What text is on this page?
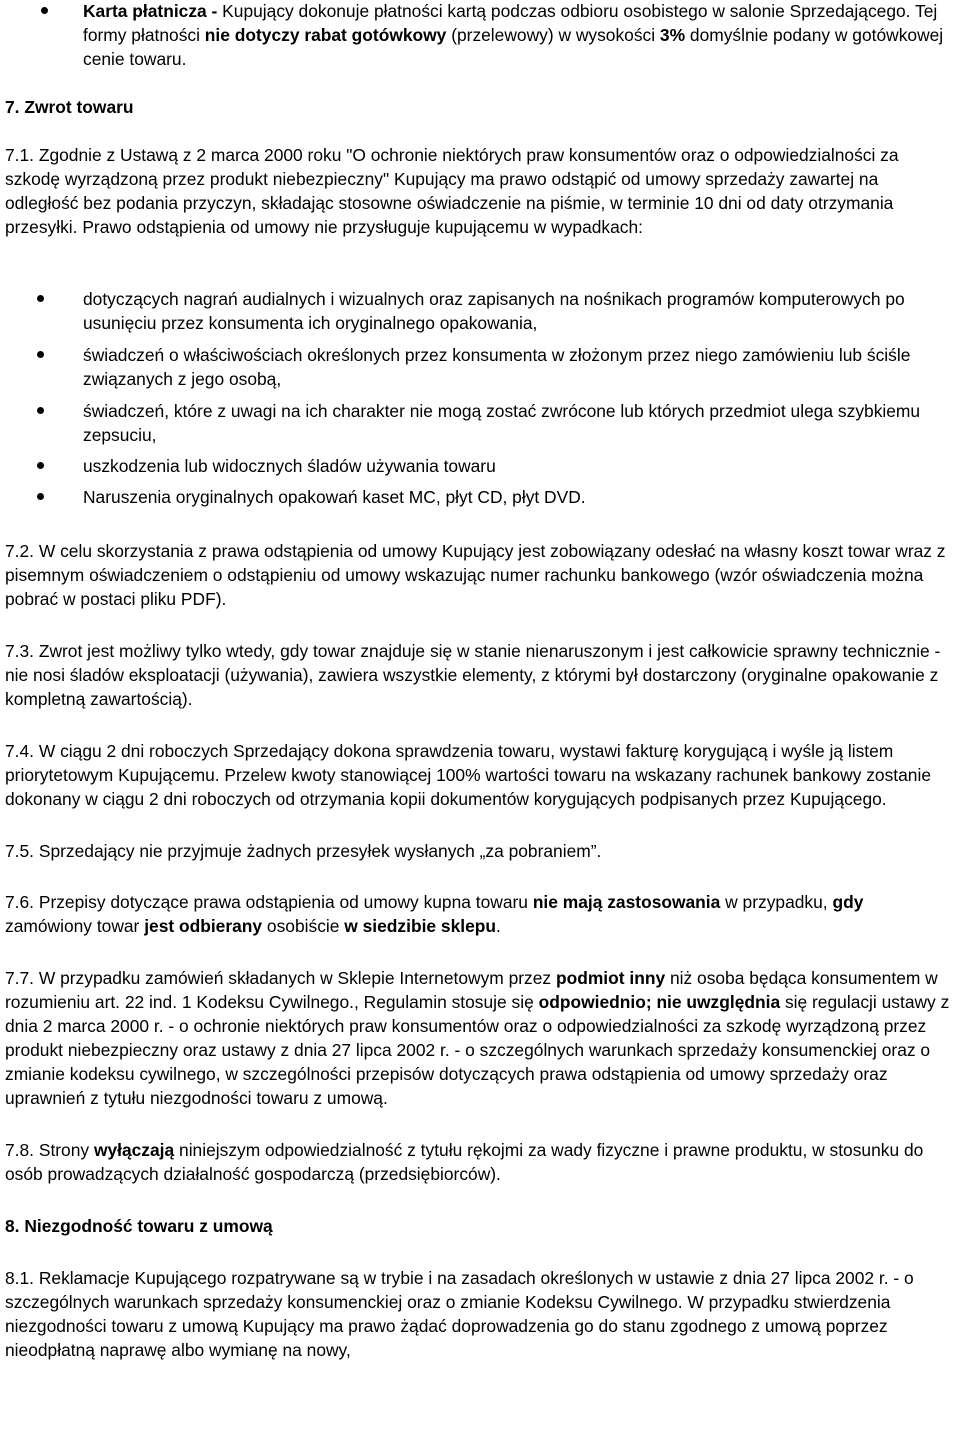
Karta płatnicza - Kupujący dokonuje płatności kartą podczas odbioru osobistego w salonie Sprzedającego. Tej formy płatności nie dotyczy rabat gotówkowy (przelewowy) w wysokości 3% domyślnie podany w gotówkowej cenie towaru.

7. Zwrot towaru

7.1. Zgodnie z Ustawą z 2 marca 2000 roku "O ochronie niektórych praw konsumentów oraz o odpowiedzialności za szkodę wyrządzoną przez produkt niebezpieczny" Kupujący ma prawo odstąpić od umowy sprzedaży zawartej na odległość bez podania przyczyn, składając stosowne oświadczenie na piśmie, w terminie 10 dni od daty otrzymania przesyłki. Prawo odstąpienia od umowy nie przysługuje kupującemu w wypadkach:

dotyczących nagrań audialnych i wizualnych oraz zapisanych na nośnikach programów komputerowych po usunięciu przez konsumenta ich oryginalnego opakowania,
świadczeń o właściwościach określonych przez konsumenta w złożonym przez niego zamówieniu lub ściśle związanych z jego osobą,
świadczeń, które z uwagi na ich charakter nie mogą zostać zwrócone lub których przedmiot ulega szybkiemu zepsuciu,
uszkodzenia lub widocznych śladów używania towaru
Naruszenia oryginalnych opakowań kaset MC, płyt CD, płyt DVD.

7.2. W celu skorzystania z prawa odstąpienia od umowy Kupujący jest zobowiązany odesłać na własny koszt towar wraz z pisemnym oświadczeniem o odstąpieniu od umowy wskazując numer rachunku bankowego (wzór oświadczenia można pobrać w postaci pliku PDF).

7.3. Zwrot jest możliwy tylko wtedy, gdy towar znajduje się w stanie nienaruszonym i jest całkowicie sprawny technicznie - nie nosi śladów eksploatacji (używania), zawiera wszystkie elementy, z którymi był dostarczony (oryginalne opakowanie z kompletną zawartością).

7.4. W ciągu 2 dni roboczych Sprzedający dokona sprawdzenia towaru, wystawi fakturę korygującą i wyśle ją listem priorytetowym Kupującemu. Przelew kwoty stanowiącej 100% wartości towaru na wskazany rachunek bankowy zostanie dokonany w ciągu 2 dni roboczych od otrzymania kopii dokumentów korygujących podpisanych przez Kupującego.

7.5. Sprzedający nie przyjmuje żadnych przesyłek wysłanych „za pobraniem”.

7.6. Przepisy dotyczące prawa odstąpienia od umowy kupna towaru nie mają zastosowania w przypadku, gdy zamówiony towar jest odbierany osobiście w siedzibie sklepu.

7.7. W przypadku zamówień składanych w Sklepie Internetowym przez podmiot inny niż osoba będąca konsumentem w rozumieniu art. 22 ind. 1 Kodeksu Cywilnego., Regulamin stosuje się odpowiednio; nie uwzględnia się regulacji ustawy z dnia 2 marca 2000 r. - o ochronie niektórych praw konsumentów oraz o odpowiedzialności za szkodę wyrządzoną przez produkt niebezpieczny oraz ustawy z dnia 27 lipca 2002 r. - o szczególnych warunkach sprzedaży konsumenckiej oraz o zmianie kodeksu cywilnego, w szczególności przepisów dotyczących prawa odstąpienia od umowy sprzedaży oraz uprawnień z tytułu niezgodności towaru z umową.

7.8. Strony wyłączają niniejszym odpowiedzialność z tytułu rękojmi za wady fizyczne i prawne produktu, w stosunku do osób prowadzących działalność gospodarczą (przedsiębiorców).

8. Niezgodność towaru z umową

8.1. Reklamacje Kupującego rozpatrywane są w trybie i na zasadach określonych w ustawie z dnia 27 lipca 2002 r. - o szczególnych warunkach sprzedaży konsumenckiej oraz o zmianie Kodeksu Cywilnego. W przypadku stwierdzenia niezgodności towaru z umową Kupujący ma prawo żądać doprowadzenia go do stanu zgodnego z umową poprzez nieodpłatną naprawę albo wymianę na nowy,
